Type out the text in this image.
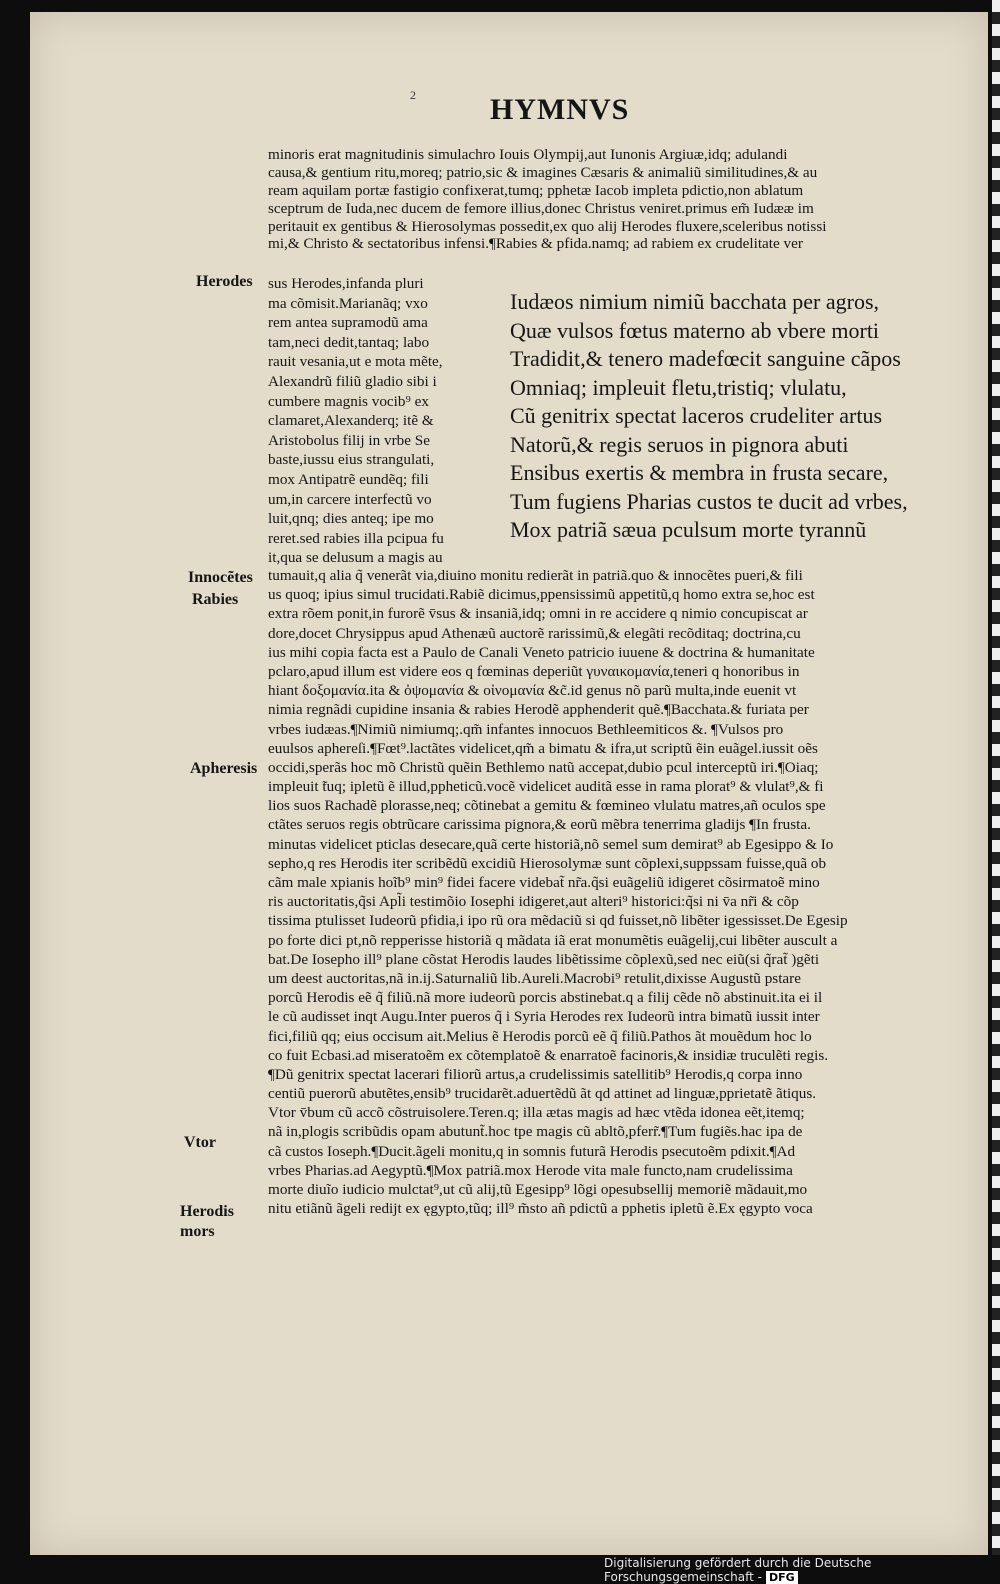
2 HYMNVS
minoris erat magnitudinis simulachro Iouis Olympij,aut Iunonis Argiuæ,idq; adulandi
causa,& gentium ritu,moreq; patrio,sic & imagines Cæsaris & animaliũ similitudines,& au
ream aquilam portæ fastigio confixerat,tumq; pphetæ Iacob impleta pdictio,non ablatum
sceptrum de Iuda,nec ducem de femore illius,donec Christus veniret.primus em̃ Iudææ im
peritauit ex gentibus & Hierosolymas possedit,ex quo alij Herodes fluxere,sceleribus notissi
mi,& Christo & sectatoribus infensi.¶Rabies & pfida.namq; ad rabiem ex crudelitate ver
sus Herodes,infanda pluri
ma cõmisit.Marianãq; vxo
rem antea supramodũ ama
tam,neci dedit,tantaq; labo
rauit vesania,ut e mota mẽte,
Alexandrũ filiũ gladio sibi i
cumbere magnis vocib⁹ ex
clamaret,Alexanderq; itẽ &
Aristobolus filij in vrbe Se
baste,iussu eius strangulati,
mox Antipatrẽ eundẽq; fili
um,in carcere interfectũ vo
luit,qnq; dies anteq; ipe mo
reret.sed rabies illa pcipua fu
it,qua se delusum a magis au
Iudæos nimium nimiũ bacchata per agros,
Quæ vulsos fœtus materno ab vbere morti
Tradidit,& tenero madefœcit sanguine cãpos
Omniaq; impleuit fletu,tristiq; vlulatu,
Cũ genitrix spectat laceros crudeliter artus
Natorũ,& regis seruos in pignora abuti
Ensibus exertis & membra in frusta secare,
Tum fugiens Pharias custos te ducit ad vrbes,
Mox patriã sæua pculsum morte tyrannũ
tumauit,q alia q̃ venerãt via,diuino monitu redierãt in patriã.quo & innocẽtes pueri,& fili
us quoq; ipius simul trucidati.Rabiẽ dicimus,ppensissimũ appetitũ,q homo extra se,hoc est
extra rõem ponit,in furorẽ v̄sus & insaniã,idq; omni in re accidere q nimio concupiscat ar
dore,docet Chrysippus apud Athenæũ auctorẽ rarissimũ,& elegãti recõditaq; doctrina,cu
ius mihi copia facta est a Paulo de Canali Veneto patricio iuuene & doctrina & humanitate
pclaro,apud illum est videre eos q fœminas deperiũt γυναικομανία,teneri q honoribus in
hiant δοξομανία.ita & ὀψομανία & οἰνομανία &c̃.id genus nõ parũ multa,inde euenit vt
nimia regnãdi cupidine insania & rabies Herodẽ apphenderit quẽ.¶Bacchata.& furiata per
vrbes iudæas.¶Nimiũ nimiumq;.qm̃ infantes innocuos Bethleemiticos &. ¶Vulsos pro
euulsos aphereſi.¶Fœt⁹.lactãtes videlicet,qm̃ a bimatu & ifra,ut scriptũ ẽin euãgel.iussit oẽs
occidi,sperãs hoc mõ Christũ quẽin Bethlemo natũ accepat,dubio pcul interceptũ iri.¶Oiaq;
impleuit ̃tuq; ipletũ ẽ illud,ppheticũ.vocẽ videlicet auditã esse in rama plorat⁹ & vlulat⁹,& fi
lios suos Rachadẽ plorasse,neq; cõtinebat a gemitu & fœmineo vlulatu matres,añ oculos spe
ctãtes seruos regis obtrũcare carissima pignora,& eorũ mẽbra tenerrima gladijs ¶In frusta.
minutas videlicet pticlas desecare,quã certe historiã,nõ semel sum demirat⁹ ab Egesippo & Io
sepho,q res Herodis iter scribẽdũ excidiũ Hierosolymæ sunt cõplexi,suppssam fuisse,quã ob
cãm male xpianis hoĩb⁹ min⁹ fidei facere videbat̃ nr̃a.q̃si euãgeliũ idigeret cõsirmatoẽ mino
ris auctoritatis,q̃si Apl̃i testimõio Iosephi idigeret,aut alteri⁹ historici:q̃si ni v̄a nr̃i & cõp
tissima ptulisset Iudeorũ pfidia,i ipo rũ ora mẽdaciũ si qd fuisset,nõ libẽter igessisset.De Egesip
po forte dici pt,nõ repperisse historiã q mãdata iã erat monumẽtis euãgelij,cui libẽter auscult a
bat.De Iosepho ill⁹ plane cõstat Herodis laudes libẽtissime cõplexũ,sed nec eiũ(si q̃rat̃ )gẽti
um deest auctoritas,nã in.ij.Saturnaliũ lib.Aureli.Macrobi⁹ retulit,dixisse Augustũ pstare
porcũ Herodis eẽ q̃ filiũ.nã more iudeorũ porcis abstinebat.q a filij cẽde nõ abstinuit.ita ei il
le cũ audisset inqt Augu.Inter pueros q̃ i Syria Herodes rex Iudeorũ intra bimatũ iussit inter
fici,filiũ qq; eius occisum ait.Melius ẽ Herodis porcũ eẽ q̃ filiũ.Pathos ãt mouẽdum hoc lo
co fuit Ecbasi.ad miseratoẽm ex cõtemplatoẽ & enarratoẽ facinoris,& insidiæ truculẽti regis.
¶Dũ genitrix spectat lacerari filiorũ artus,a crudelissimis satellitib⁹ Herodis,q corpa inno
centiũ puerorũ abutẽtes,ensib⁹ trucidarẽt.aduertẽdũ ãt qd attinet ad linguæ,pprietatẽ ãtiqus.
Vtor v̄bum cũ accõ cõstruisolere.Teren.q; illa ætas magis ad hæc vtẽda idonea eẽt,itemq;
nã in,plogis scribũdis opam abutunt̃.hoc tpe magis cũ abltõ,pferr̃.¶Tum fugiẽs.hac ipa de
cã custos Ioseph.¶Ducit.ãgeli monitu,q in somnis futurã Herodis psecutoẽm pdixit.¶Ad
vrbes Pharias.ad Aegyptũ.¶Mox patriã.mox Herode vita male functo,nam crudelissima
morte diuĩo iudicio mulctat⁹,ut cũ alij,tũ Egesipp⁹ lõgi opesubsellij memoriẽ mãdauit,mo
nitu etiãnũ ãgeli redijt ex ęgypto,tũq; ill⁹ m̃sto añ pdictũ a pphetis ipletũ ẽ.Ex ęgypto voca
Herodes
Innocẽtes
Rabies
Apheresis
Vtor
Herodis
mors
Digitalisierung gefördert durch die Deutsche Forschungsgemeinschaft - DFG
